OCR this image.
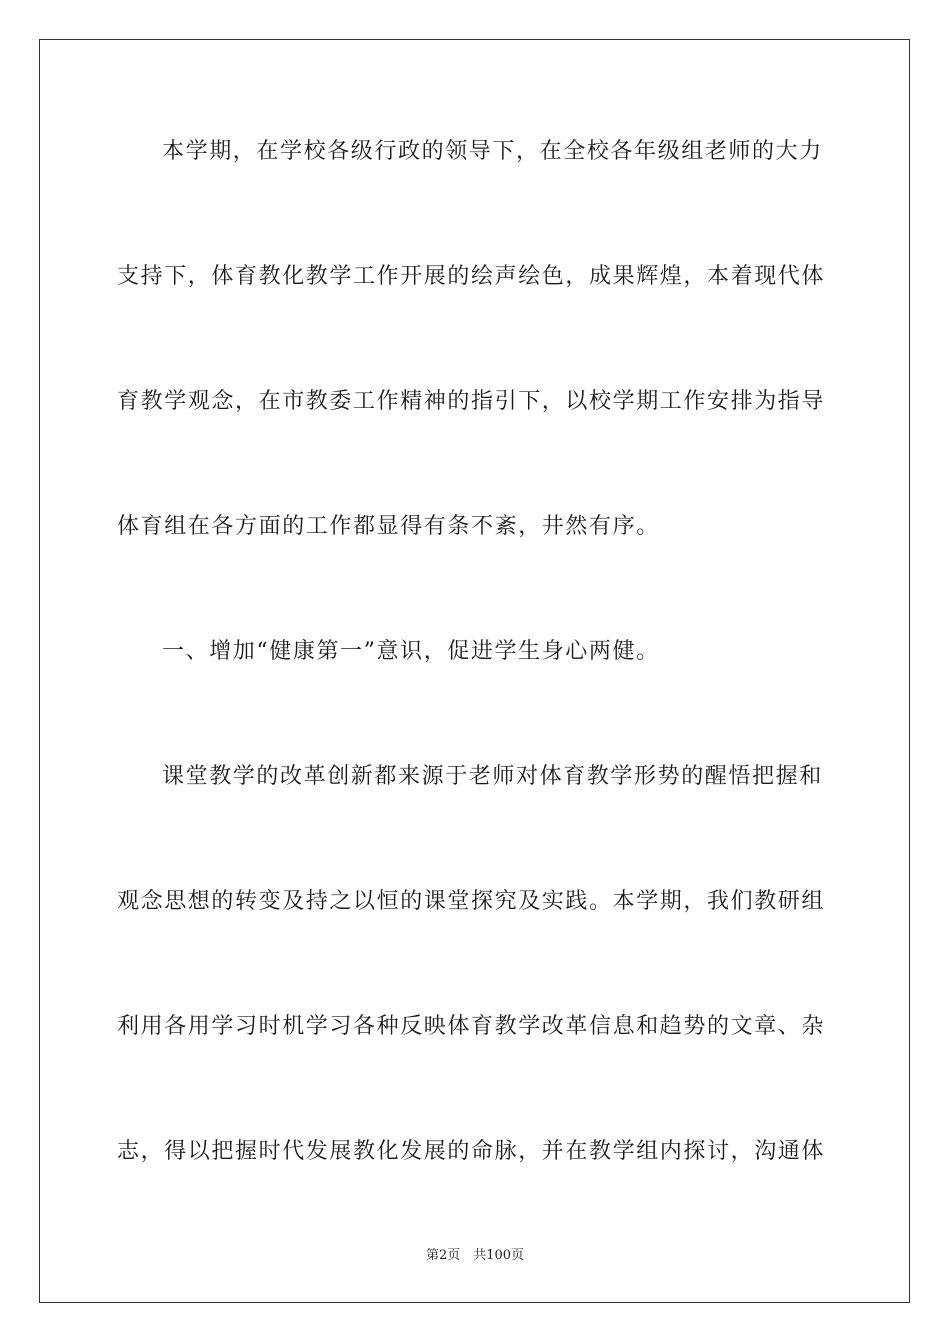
本学期，在学校各级行政的领导下，在全校各年级组老师的大力
支持下，体育教化教学工作开展的绘声绘色，成果辉煌，本着现代体
育教学观念，在市教委工作精神的指引下，以校学期工作安排为指导
体育组在各方面的工作都显得有条不紊，井然有序。
一、增加“健康第一”意识，促进学生身心两健。
课堂教学的改革创新都来源于老师对体育教学形势的醒悟把握和
观念思想的转变及持之以恒的课堂探究及实践。本学期，我们教研组
利用各用学习时机学习各种反映体育教学改革信息和趋势的文章、杂
志，得以把握时代发展教化发展的命脉，并在教学组内探讨，沟通体
第2页　共100页
